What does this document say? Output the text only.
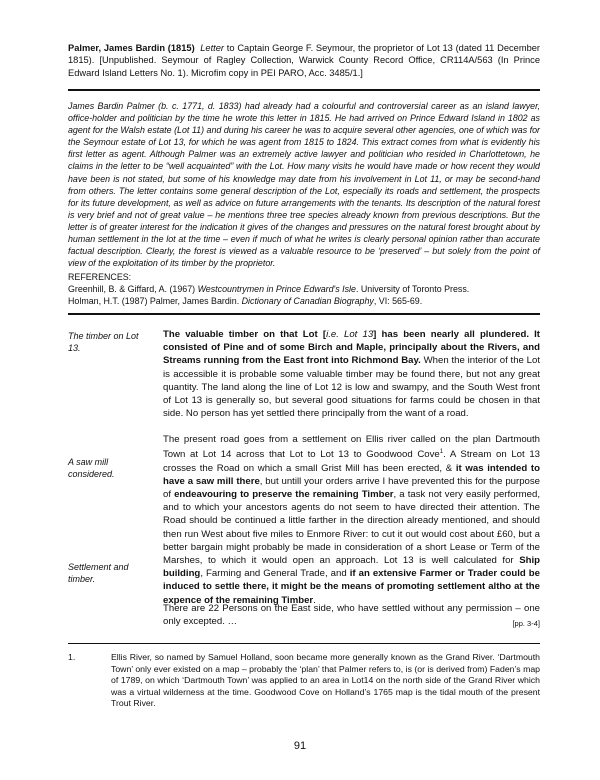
Palmer, James Bardin (1815) Letter to Captain George F. Seymour, the proprietor of Lot 13 (dated 11 December 1815). [Unpublished. Seymour of Ragley Collection, Warwick County Record Office, CR114A/563 (In Prince Edward Island Letters No. 1). Microfim copy in PEI PARO, Acc. 3485/1.]
James Bardin Palmer (b. c. 1771, d. 1833) had already had a colourful and controversial career as an island lawyer, office-holder and politician by the time he wrote this letter in 1815. He had arrived on Prince Edward Island in 1802 as agent for the Walsh estate (Lot 11) and during his career he was to acquire several other agencies, one of which was for the Seymour estate of Lot 13, for which he was agent from 1815 to 1824. This extract comes from what is evidently his first letter as agent. Although Palmer was an extremely active lawyer and politician who resided in Charlottetown, he claims in the letter to be “well acquainted” with the Lot. How many visits he would have made or how recent they would have been is not stated, but some of his knowledge may date from his involvement in Lot 11, or may be second-hand from others. The letter contains some general description of the Lot, especially its roads and settlement, the prospects for its future development, as well as advice on future arrangements with the tenants. Its description of the natural forest is very brief and not of great value – he mentions three tree species already known from previous descriptions. But the letter is of greater interest for the indication it gives of the changes and pressures on the natural forest brought about by human settlement in the lot at the time – even if much of what he writes is clearly personal opinion rather than accurate factual description. Clearly, the forest is viewed as a valuable resource to be ‘preserved’ – but solely from the point of view of the exploitation of its timber by the proprietor.
REFERENCES:
Greenhill, B. & Giffard, A. (1967) Westcountrymen in Prince Edward's Isle. University of Toronto Press.
Holman, H.T. (1987) Palmer, James Bardin. Dictionary of Canadian Biography, VI: 565-69.
The timber on Lot 13.
A saw mill considered.
Settlement and timber.

The valuable timber on that Lot [i.e. Lot 13] has been nearly all plundered. It consisted of Pine and of some Birch and Maple, principally about the Rivers, and Streams running from the East front into Richmond Bay. When the interior of the Lot is accessible it is probable some valuable timber may be found there, but not any great quantity. The land along the line of Lot 12 is low and swampy, and the South West front of Lot 13 is generally so, but several good situations for farms could be chosen in that side. No person has yet settled there principally from the want of a road.

The present road goes from a settlement on Ellis river called on the plan Dartmouth Town at Lot 14 across that Lot to Lot 13 to Goodwood Cove$^1$. A Stream on Lot 13 crosses the Road on which a small Grist Mill has been erected, & it was intended to have a saw mill there, but untill your orders arrive I have prevented this for the purpose of endeavouring to preserve the remaining Timber, a task not very easily performed, and to which your ancestors agents do not seem to have directed their attention. The Road should be continued a little farther in the direction already mentioned, and should then run West about five miles to Enmore River: to cut it out would cost about £60, but a better bargain might probably be made in consideration of a short Lease or Term of the Marshes, to which it would open an approach. Lot 13 is well calculated for Ship building, Farming and General Trade, and if an extensive Farmer or Trader could be induced to settle there, it might be the means of promoting settlement altho at the expence of the remaining Timber.

There are 22 Persons on the East side, who have settled without any permission – one only excepted. …	[pp. 3-4]

1.	Ellis River, so named by Samuel Holland, soon became more generally known as the Grand River. ‘Dartmouth Town’ only ever existed on a map – probably the ‘plan’ that Palmer refers to, is (or is derived from) Faden’s map of 1789, on which ‘Dartmouth Town’ was applied to an area in Lot14 on the north side of the Grand River which was a virtual wilderness at the time. Goodwood Cove on Holland’s 1765 map is the tidal mouth of the present Trout River.
91
